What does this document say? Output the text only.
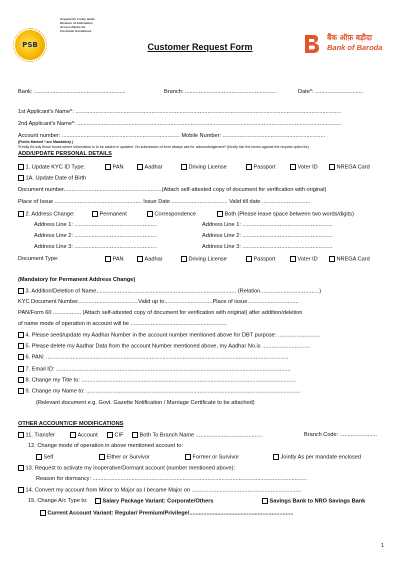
PSB
Aspand for Lively lands Division of Indications Across Banks for Customer Excellence
बैंक ऑफ़ बड़ौदा
Bank of Baroda
Customer Request Form
Bank: ...........................................................	Branch: ...........................................................	Date*: ...............................
1st Applicant's Name*: ...........................................................................................................................................................................
2nd Applicant's Name*: ..........................................................................................................................................................................
Account number: ............................................................................ Mobile Number: ..................................................................
(Fields Marked * are Mandatory )
*Kindly fill only those boxes where information is to be added or updated. On submission of form always ask for acknowledgement* (Kindly tick the boxes against the request opted for)
ADD/UPDATE PERSONAL DETAILS
1. Update KYC ID Type:	PAN	Aadhar	Driving License	Passport	Voter ID	NREGA Card
1A. Update Date of Birth
Document number...............................................................(Attach self-attested copy of document for verification with original)
Place of Issue ........................................................ Issue Date .................................... Valid till date ...............................
2. Address Change:	Permanent	Correspondence	Both (Please leave space between two words/digits)
Address Line 1: .....................................................	Address Line 1: ..........................................................
Address Line 2: .....................................................	Address Line 2: ..........................................................
Address Line 3: .....................................................	Address Line 3: ..........................................................
Document Type:	PAN	Aadhar	Driving License	Passport	Voter ID	NREGA Card
(Mandatory for Permanent Address Change)
3. Addition/Deletion of Name.......................................................................................... (Relation......................................)
KYC Document Number.......................................Valid up to...............................Place of issue.................................
PAN/Form 60 .................. (Attach self-attested copy of document for verification with original) after addition/deletion
of name mode of operation in account will be ..............................................................
4. Please seed/update my Aadhar Number in the account number mentioned above for DBT purpose: ...........................
5. Please delete my Aadhar Data from the account Number mentioned above, my Aadhar No.is ...............................
6. PAN: ............................................................................................................................................................
7. Email ID: .......................................................................................................................................................
8. Change my Title to: ..........................................................................................................................................
9. Change my Name to: ..........................................................................................................................................
(Relevant document e.g. Govt. Gazette Notification / Marriage Certificate to be attached)
OTHER ACCOUNT/CIF MODIFICATIONS
11. Transfer	Account	CIF	Both To Branch Name ...........................................	Branch Code: ........................
12. Change mode of operation in above mentioned account to:
Self	Either or Survivor	Former or Survivor	Jointly As per mandate enclosed
13. Request to activate my inoperative/Dormant account (number mentioned above):
Reason for dormancy: ..........................................................................................................................................
14. Convert my account from Minor to Major as I became Major on .......................................................................
15. Change A/c Type to:	Salary Package Variant: Corporate/Others	Savings Bank to NRO Savings Bank
Current Account Variant: Regular/ Premium/Privilege/...................................................................
1
